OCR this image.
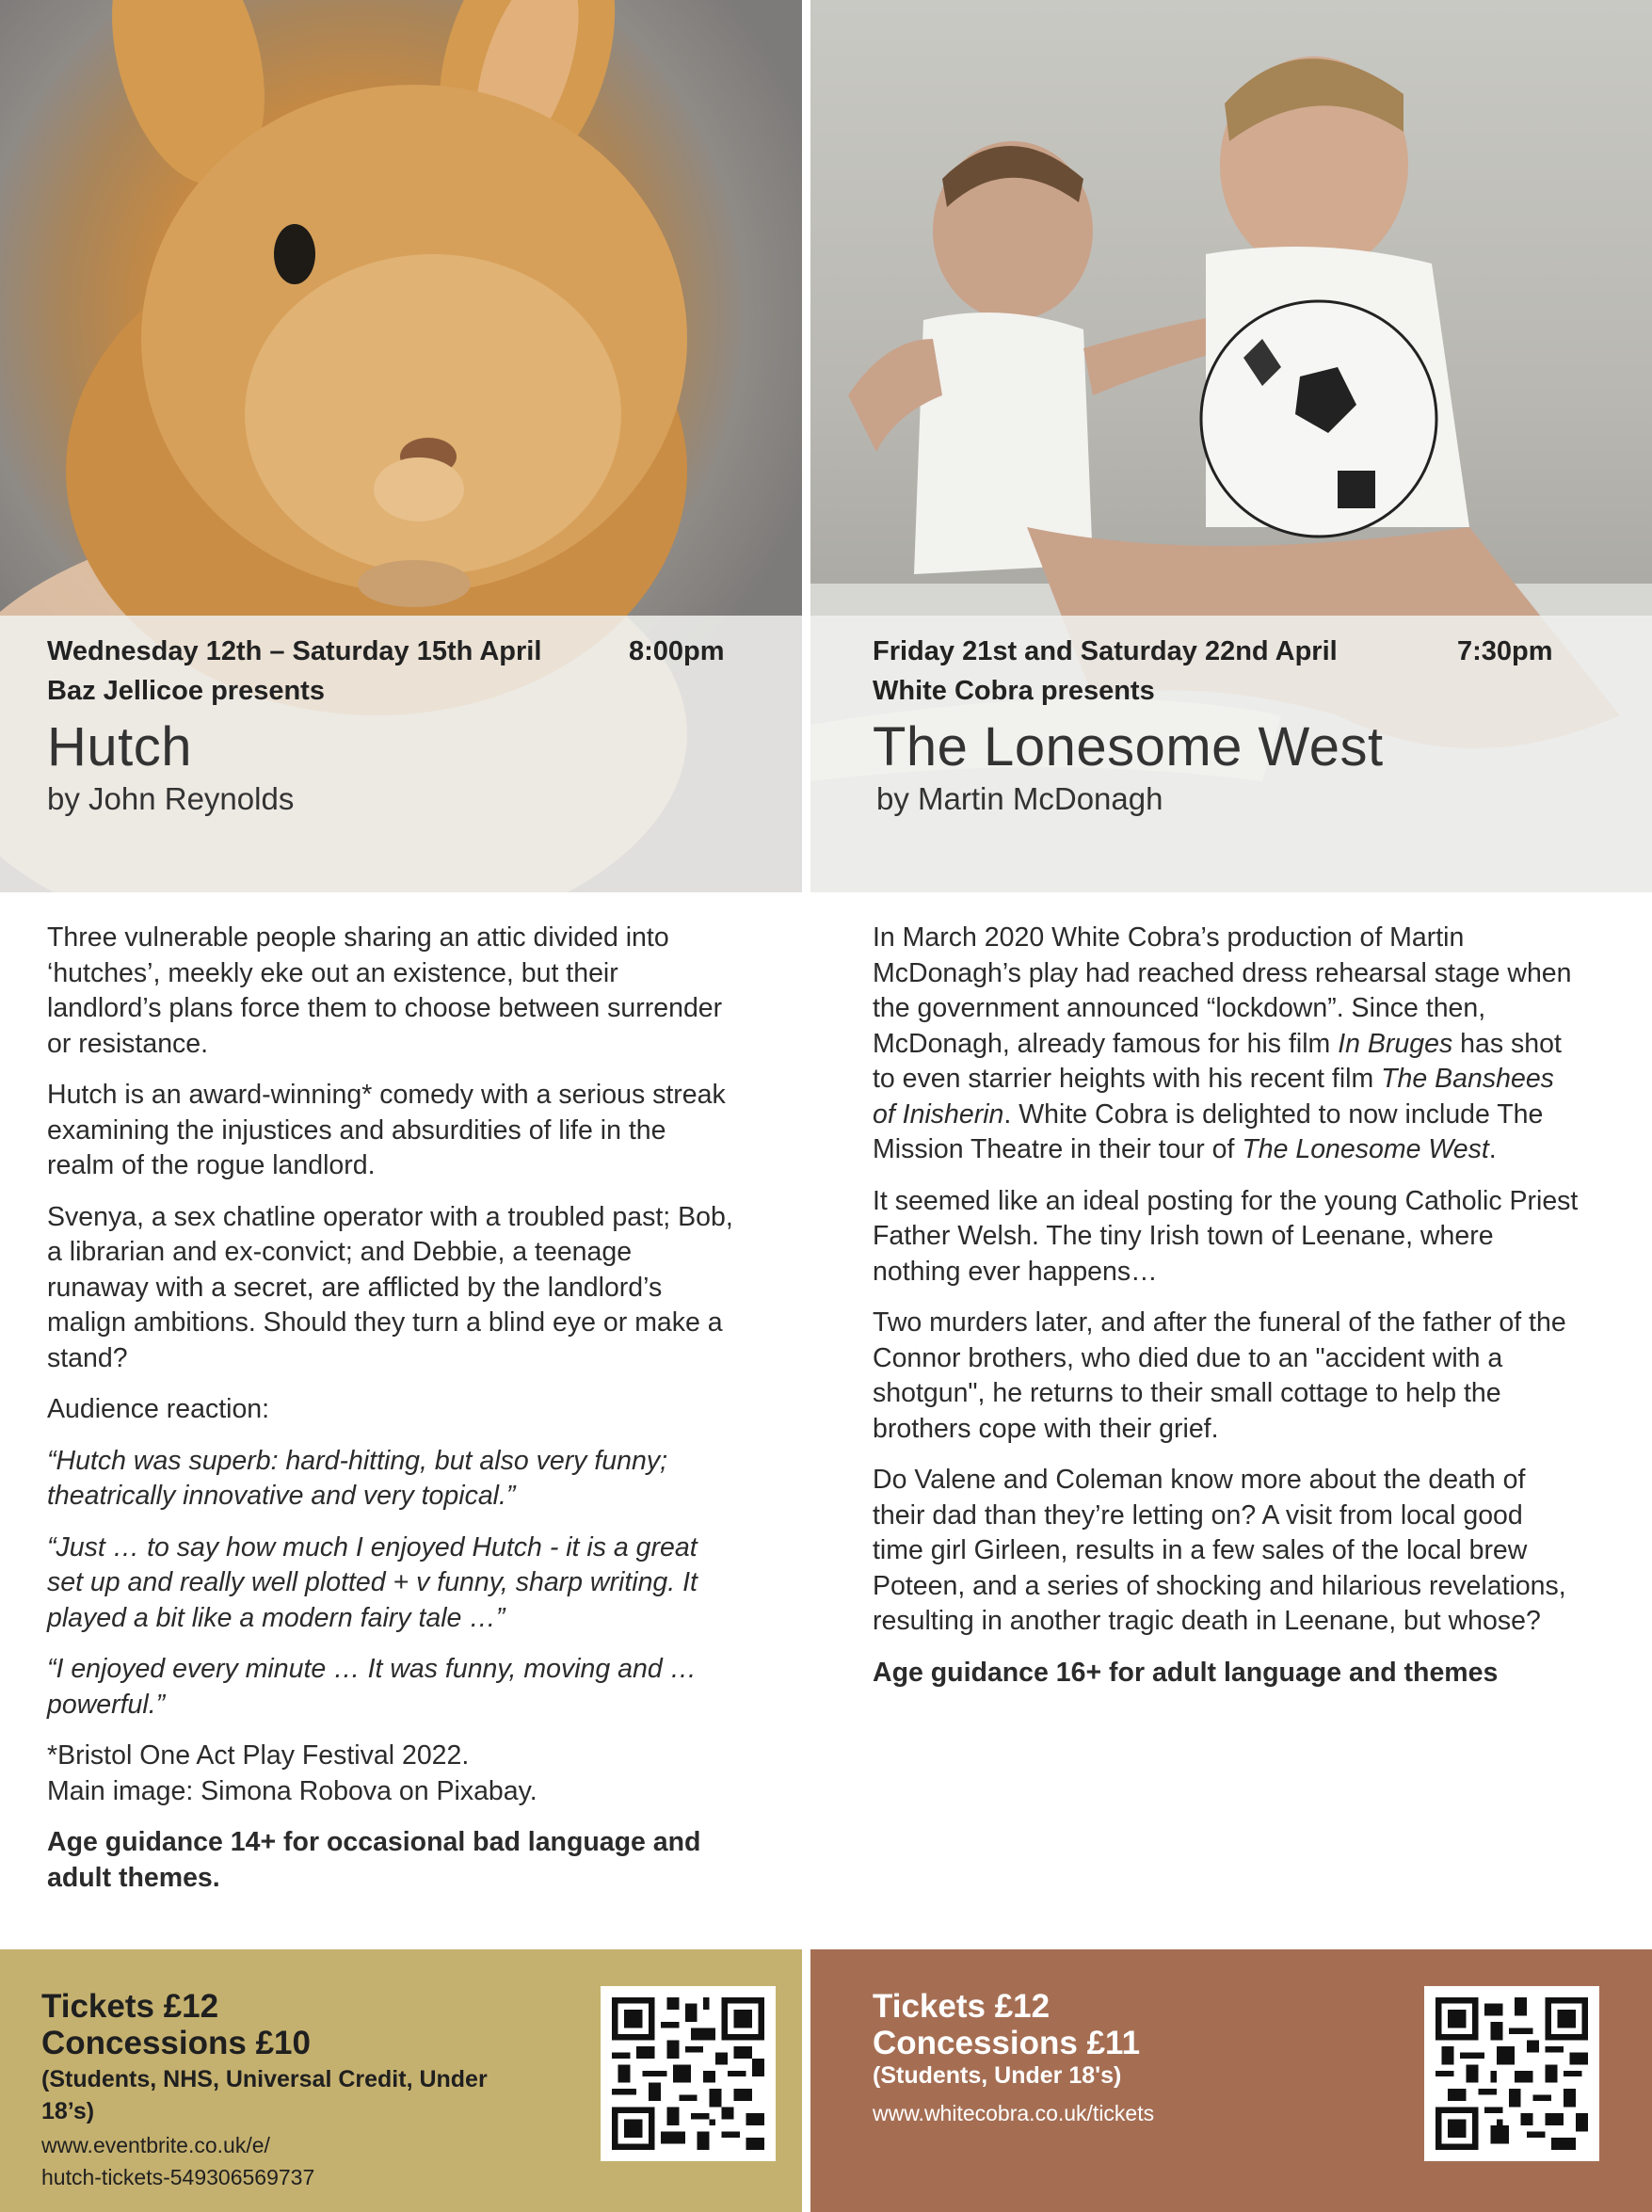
Wednesday 12th – Saturday 15th April	8:00pm
Baz Jellicoe presents
Hutch
by John Reynolds

Three vulnerable people sharing an attic divided into ‘hutches’, meekly eke out an existence, but their landlord’s plans force them to choose between surrender or resistance.

Hutch is an award-winning* comedy with a serious streak examining the injustices and absurdities of life in the realm of the rogue landlord.

Svenya, a sex chatline operator with a troubled past; Bob, a librarian and ex-convict; and Debbie, a teenage runaway with a secret, are afflicted by the landlord’s malign ambitions. Should they turn a blind eye or make a stand?

Audience reaction:

“Hutch was superb: hard-hitting, but also very funny; theatrically innovative and very topical.”

“Just … to say how much I enjoyed Hutch - it is a great set up and really well plotted + v funny, sharp writing. It played a bit like a modern fairy tale …”

“I enjoyed every minute … It was funny, moving and … powerful.”

*Bristol One Act Play Festival 2022.
Main image: Simona Robova on Pixabay.

Age guidance 14+ for occasional bad language and adult themes.

Tickets £12
Concessions £10
(Students, NHS, Universal Credit, Under 18’s)
www.eventbrite.co.uk/e/
hutch-tickets-549306569737
Friday 21st and Saturday 22nd April	7:30pm
White Cobra presents
The Lonesome West
by Martin McDonagh

In March 2020 White Cobra’s production of Martin McDonagh’s play had reached dress rehearsal stage when the government announced “lockdown”. Since then, McDonagh, already famous for his film In Bruges has shot to even starrier heights with his recent film The Banshees of Inisherin. White Cobra is delighted to now include The Mission Theatre in their tour of The Lonesome West.

It seemed like an ideal posting for the young Catholic Priest Father Welsh. The tiny Irish town of Leenane, where nothing ever happens…

Two murders later, and after the funeral of the father of the Connor brothers, who died due to an "accident with a shotgun", he returns to their small cottage to help the brothers cope with their grief.

Do Valene and Coleman know more about the death of their dad than they’re letting on? A visit from local good time girl Girleen, results in a few sales of the local brew Poteen, and a series of shocking and hilarious revelations, resulting in another tragic death in Leenane, but whose?

Age guidance 16+ for adult language and themes

Tickets £12
Concessions £11
(Students, Under 18's)
www.whitecobra.co.uk/tickets
